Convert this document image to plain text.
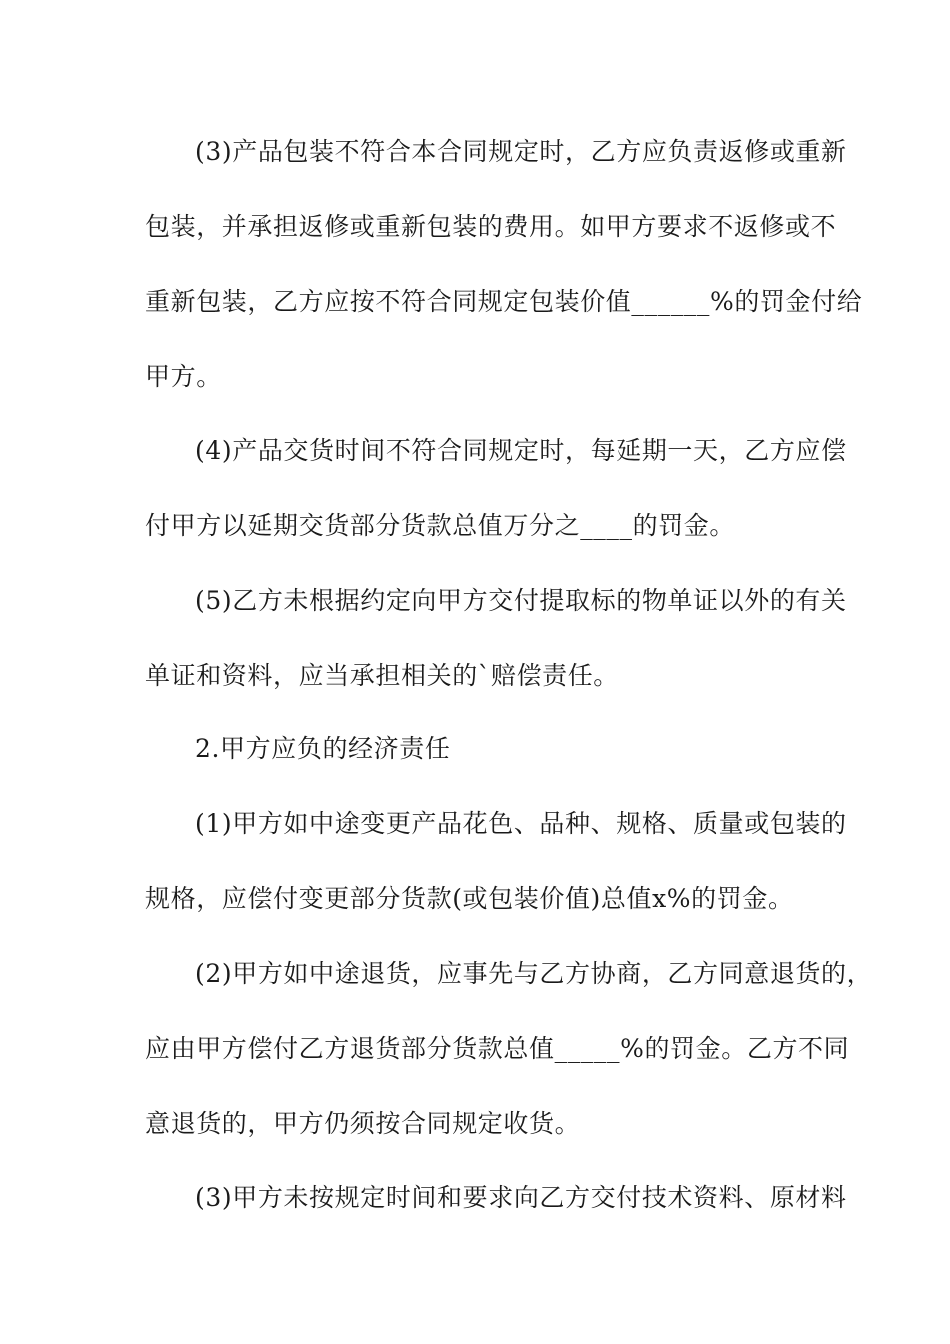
(3)产品包装不符合本合同规定时，乙方应负责返修或重新
包装，并承担返修或重新包装的费用。如甲方要求不返修或不
重新包装，乙方应按不符合同规定包装价值______%的罚金付给
甲方。
(4)产品交货时间不符合同规定时，每延期一天，乙方应偿
付甲方以延期交货部分货款总值万分之____的罚金。
(5)乙方未根据约定向甲方交付提取标的物单证以外的有关
单证和资料，应当承担相关的`赔偿责任。
2.甲方应负的经济责任
(1)甲方如中途变更产品花色、品种、规格、质量或包装的
规格，应偿付变更部分货款(或包装价值)总值x%的罚金。
(2)甲方如中途退货，应事先与乙方协商，乙方同意退货的，
应由甲方偿付乙方退货部分货款总值_____%的罚金。乙方不同
意退货的，甲方仍须按合同规定收货。
(3)甲方未按规定时间和要求向乙方交付技术资料、原材料
